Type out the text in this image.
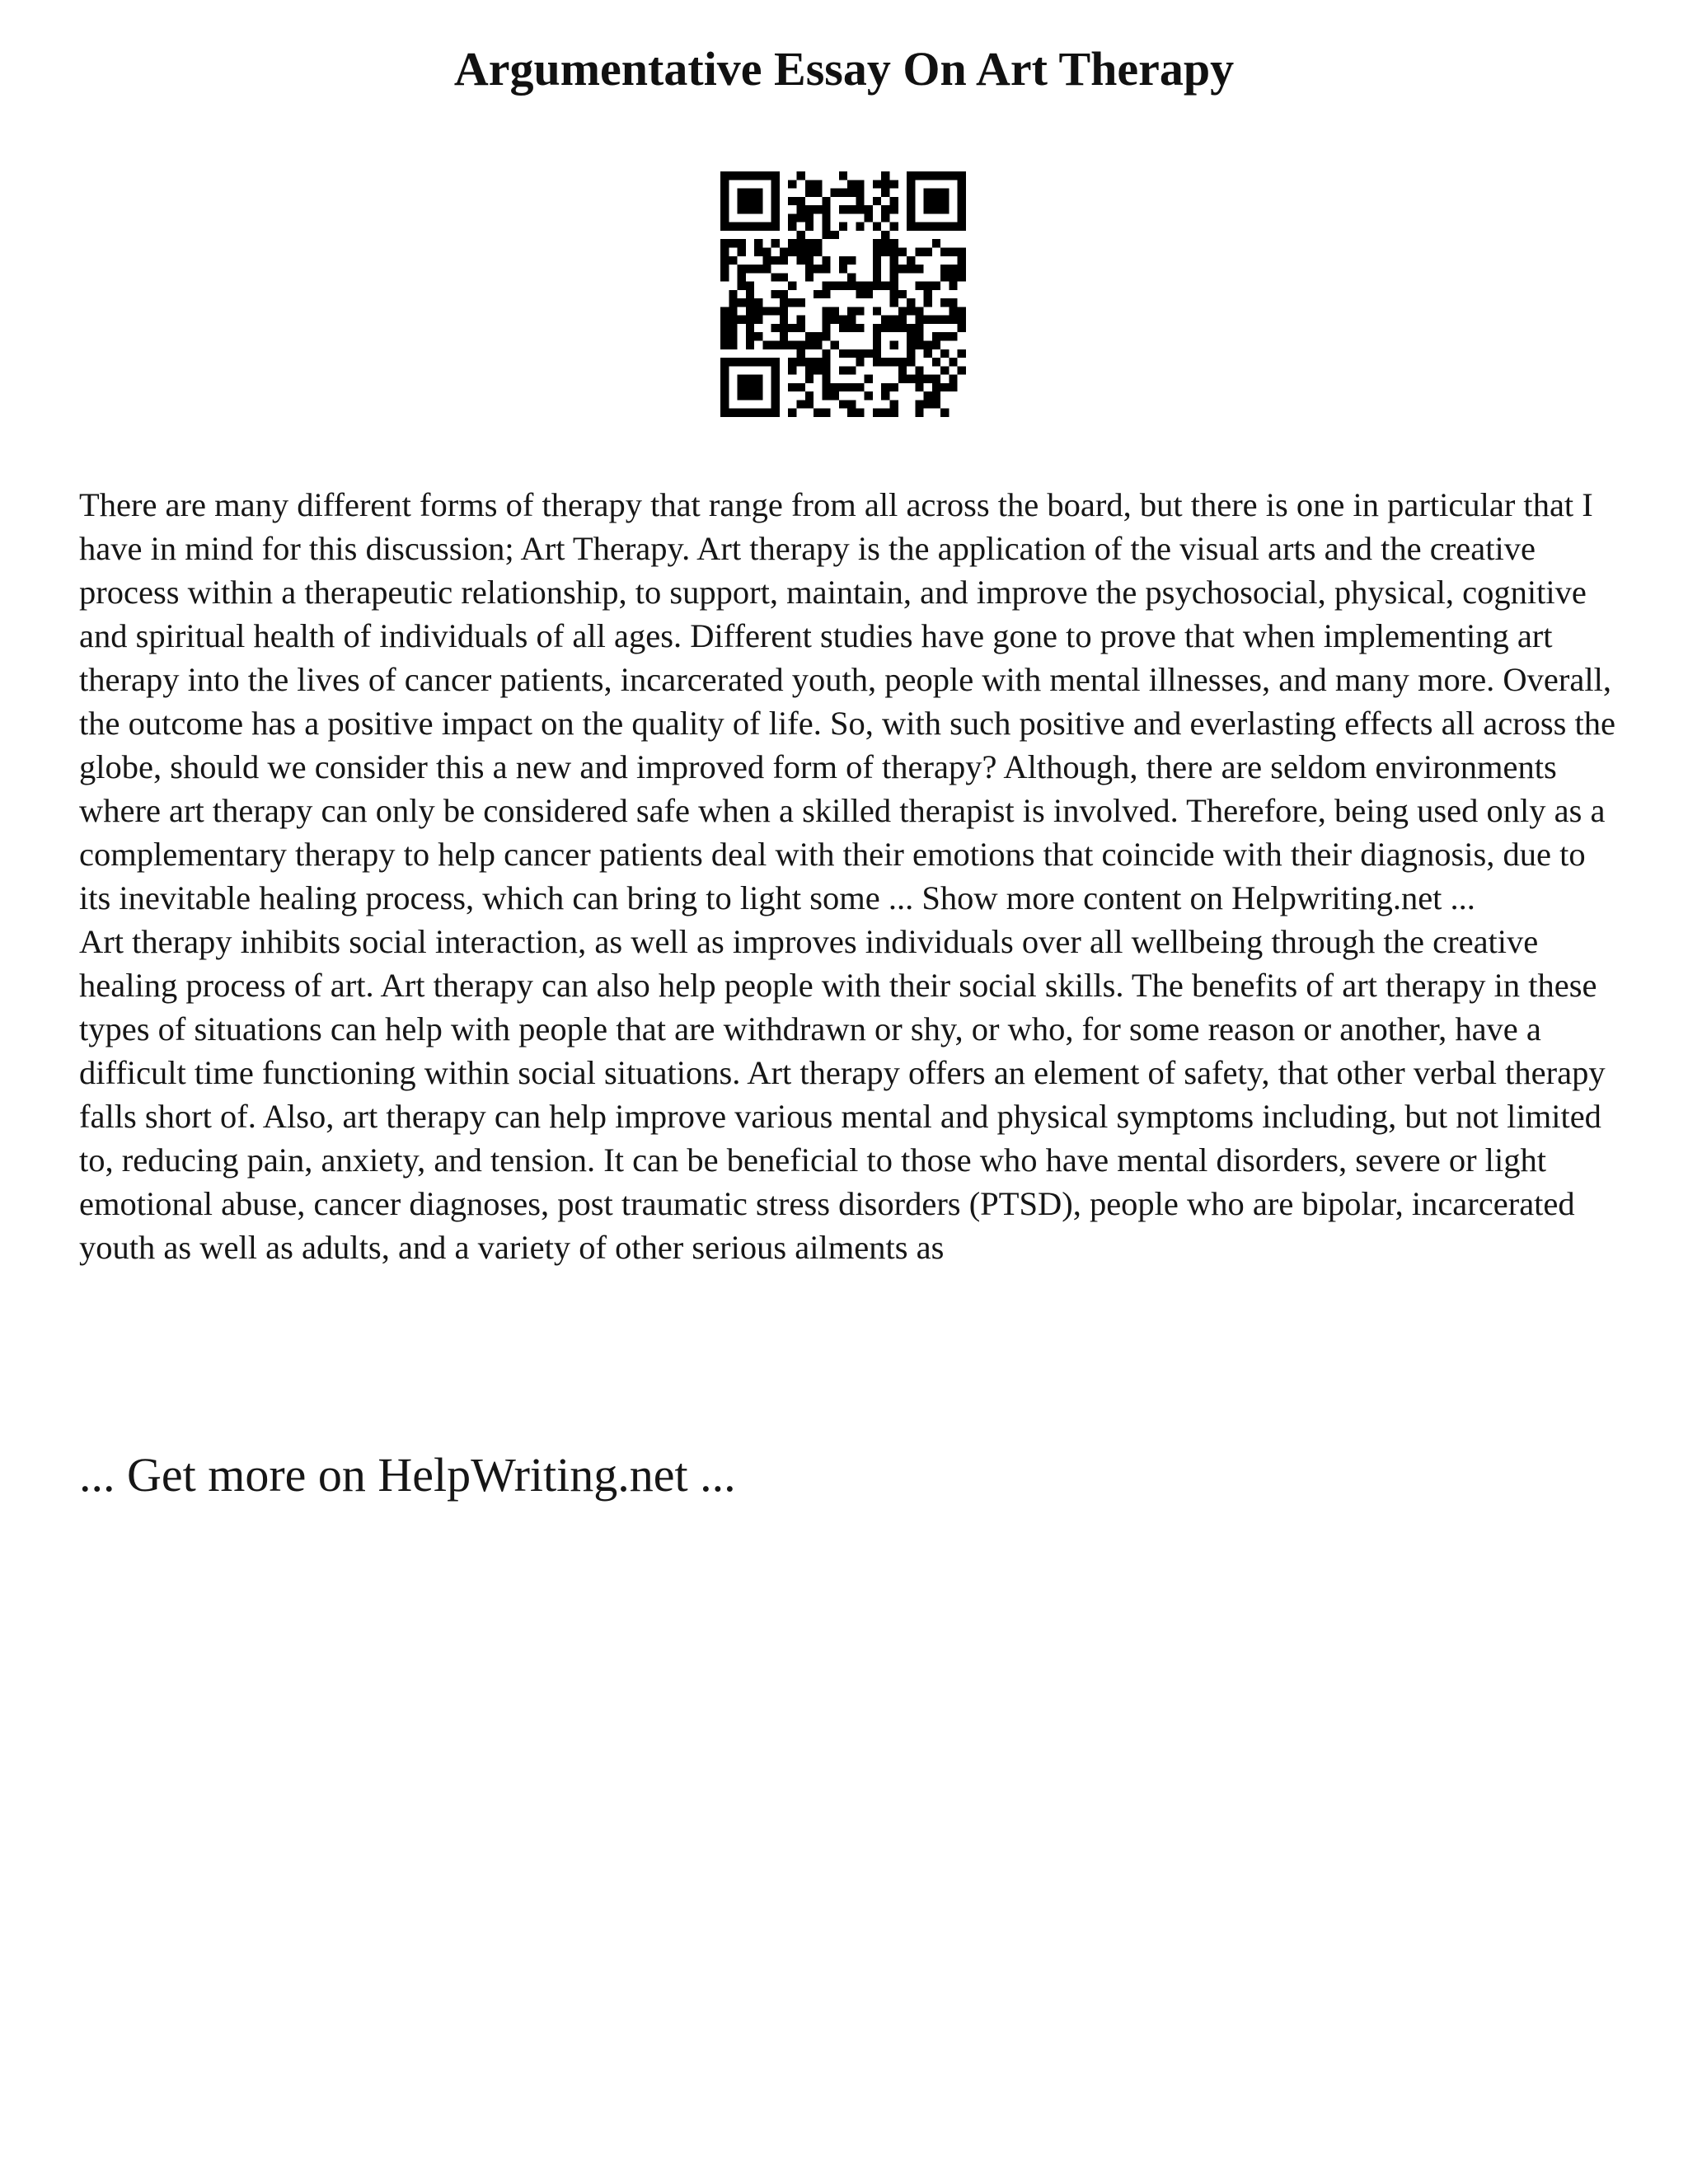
Argumentative Essay On Art Therapy

There are many different forms of therapy that range from all across the board, but there is one in particular that I have in mind for this discussion; Art Therapy. Art therapy is the application of the visual arts and the creative process within a therapeutic relationship, to support, maintain, and improve the psychosocial, physical, cognitive and spiritual health of individuals of all ages. Different studies have gone to prove that when implementing art therapy into the lives of cancer patients, incarcerated youth, people with mental illnesses, and many more. Overall, the outcome has a positive impact on the quality of life. So, with such positive and everlasting effects all across the globe, should we consider this a new and improved form of therapy? Although, there are seldom environments where art therapy can only be considered safe when a skilled therapist is involved. Therefore, being used only as a complementary therapy to help cancer patients deal with their emotions that coincide with their diagnosis, due to its inevitable healing process, which can bring to light some ... Show more content on Helpwriting.net ...

Art therapy inhibits social interaction, as well as improves individuals over all wellbeing through the creative healing process of art. Art therapy can also help people with their social skills. The benefits of art therapy in these types of situations can help with people that are withdrawn or shy, or who, for some reason or another, have a difficult time functioning within social situations. Art therapy offers an element of safety, that other verbal therapy falls short of. Also, art therapy can help improve various mental and physical symptoms including, but not limited to, reducing pain, anxiety, and tension. It can be beneficial to those who have mental disorders, severe or light emotional abuse, cancer diagnoses, post traumatic stress disorders (PTSD), people who are bipolar, incarcerated youth as well as adults, and a variety of other serious ailments as

... Get more on HelpWriting.net ...
